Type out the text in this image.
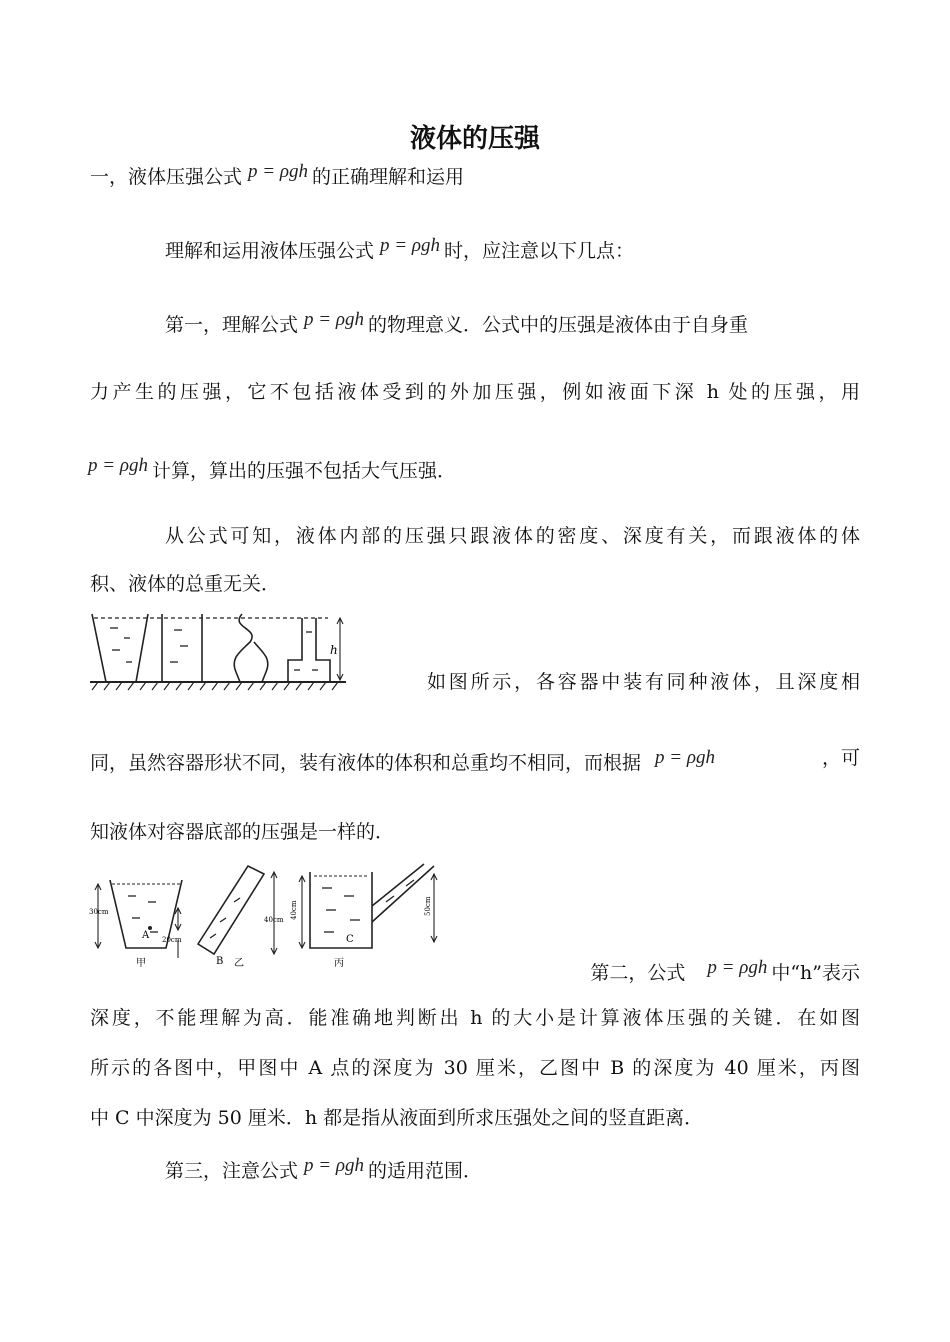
液体的压强
一，液体压强公式 p = ρgh 的正确理解和运用
理解和运用液体压强公式 p = ρgh 时，应注意以下几点：
第一，理解公式 p = ρgh 的物理意义．公式中的压强是液体由于自身重
力产生的压强，它不包括液体受到的外加压强，例如液面下深 h 处的压强，用
p = ρgh 计算，算出的压强不包括大气压强．
从公式可知，液体内部的压强只跟液体的密度、深度有关，而跟液体的体
积、液体的总重无关．
h
如图所示，各容器中装有同种液体，且深度相
同，虽然容器形状不同，装有液体的体积和总重均不相同，而根据 p = ρgh	，可
知液体对容器底部的压强是一样的．
30cm
A 20cm
甲	B
40cm
乙
40cm
C
50cm
丙	第二，公式 p = ρgh 中“h”表示
深度，不能理解为高．能准确地判断出 h 的大小是计算液体压强的关键．在如图
所示的各图中，甲图中 A 点的深度为 30 厘米，乙图中 B 的深度为 40 厘米，丙图
中 C 中深度为 50 厘米．h 都是指从液面到所求压强处之间的竖直距离．
第三，注意公式 p = ρgh 的适用范围．
